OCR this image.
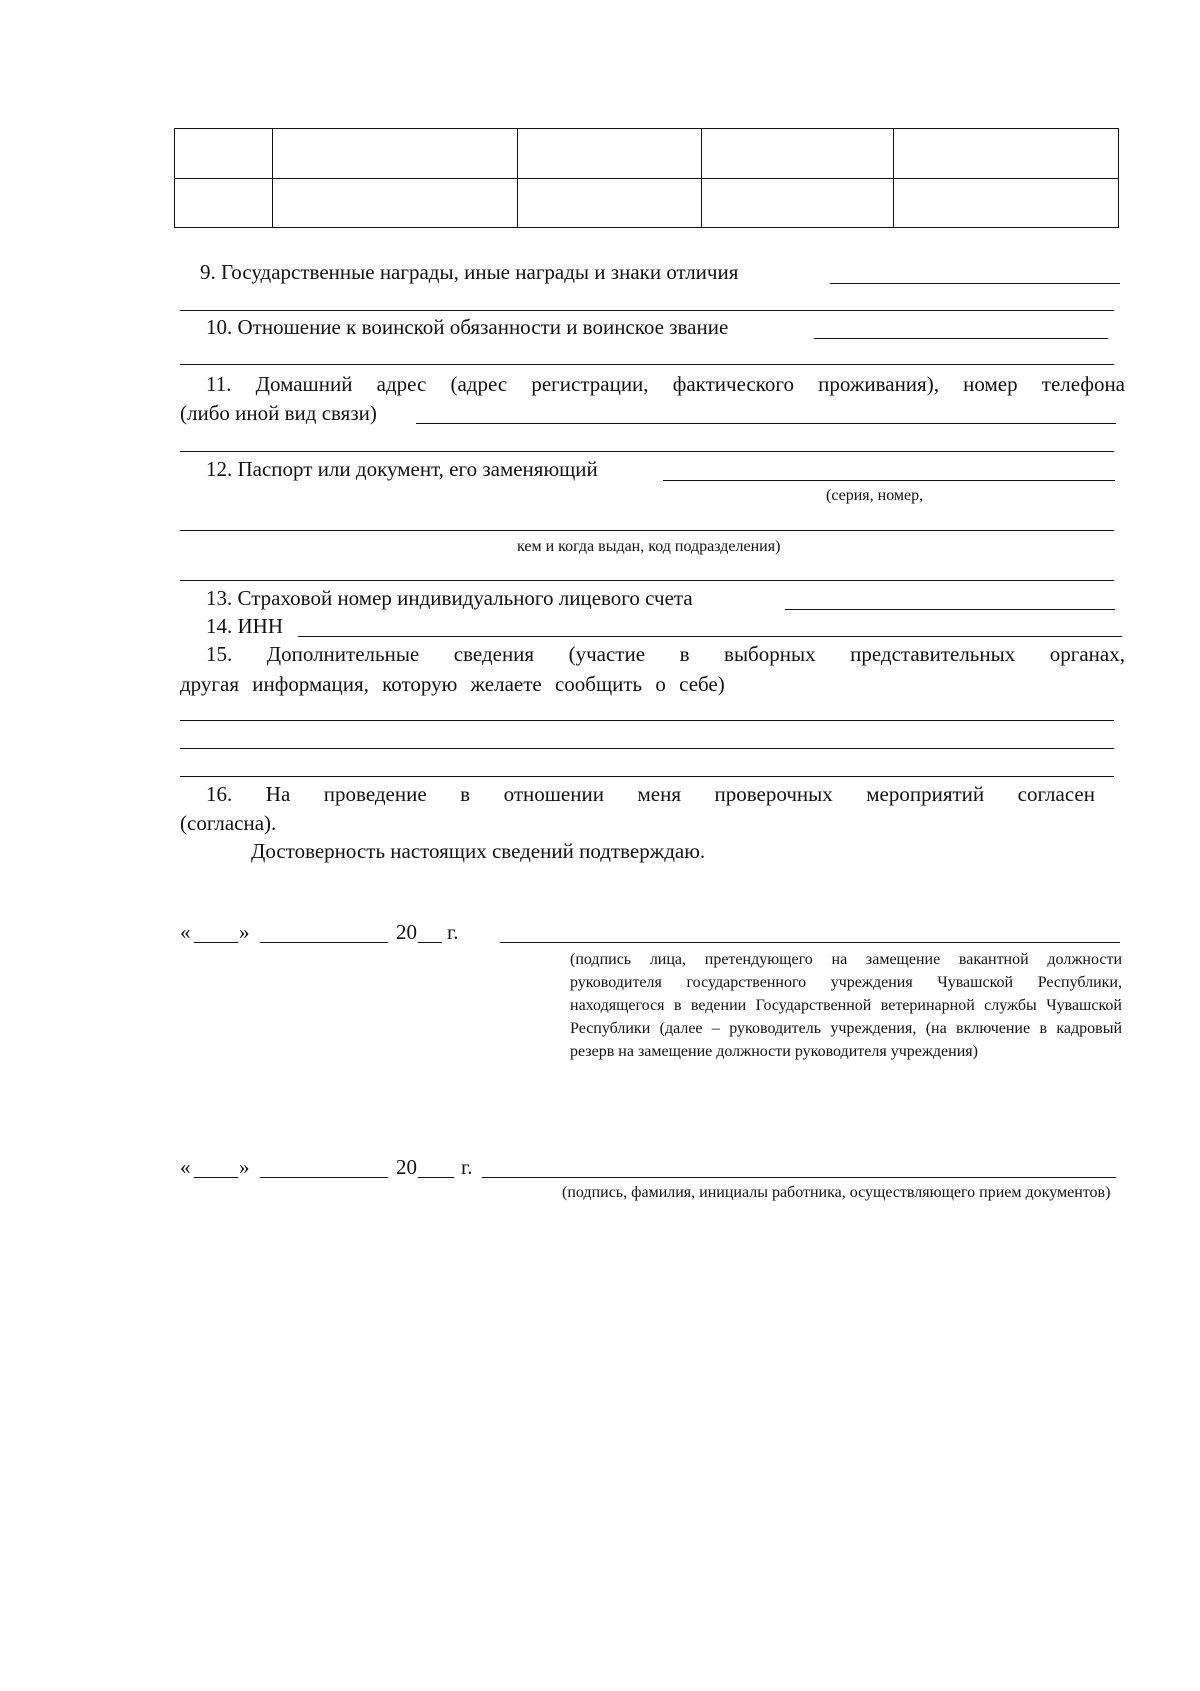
9. Государственные награды, иные награды и знаки отличия
10. Отношение к воинской обязанности и воинское звание
11. Домашний адрес (адрес регистрации, фактического проживания), номер телефона
(либо иной вид связи)
12. Паспорт или документ, его заменяющий
(серия, номер,
кем и когда выдан, код подразделения)
13. Страховой номер индивидуального лицевого счета
14. ИНН
15. Дополнительные сведения (участие в выборных представительных органах,
другая информация, которую желаете сообщить о себе)
16. На проведение в отношении меня проверочных мероприятий согласен
(согласна).
Достоверность настоящих сведений подтверждаю.
« »	20 г.
(подпись лица, претендующего на замещение вакантной должности руководителя государственного учреждения Чувашской Республики, находящегося в ведении Государственной ветеринарной службы Чувашской Республики (далее – руководитель учреждения, (на включение в кадровый резерв на замещение должности руководителя учреждения)
« »	20 г.
(подпись, фамилия, инициалы работника, осуществляющего прием документов)
